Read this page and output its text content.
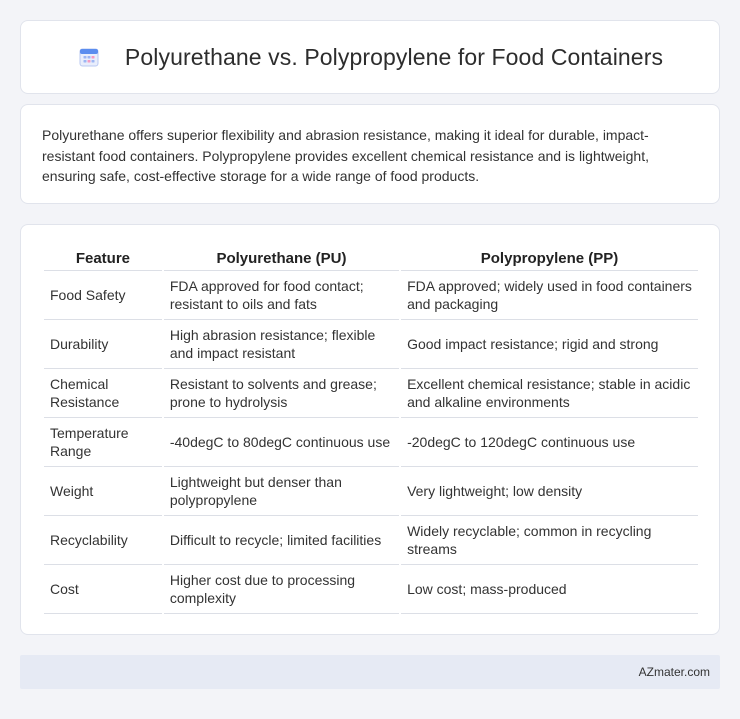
Polyurethane vs. Polypropylene for Food Containers

Polyurethane offers superior flexibility and abrasion resistance, making it ideal for durable, impact-resistant food containers. Polypropylene provides excellent chemical resistance and is lightweight, ensuring safe, cost-effective storage for a wide range of food products.

Feature	Polyurethane (PU)	Polypropylene (PP)
Food Safety	FDA approved for food contact; resistant to oils and fats	FDA approved; widely used in food containers and packaging
Durability	High abrasion resistance; flexible and impact resistant	Good impact resistance; rigid and strong
Chemical Resistance	Resistant to solvents and grease; prone to hydrolysis	Excellent chemical resistance; stable in acidic and alkaline environments
Temperature Range	-40degC to 80degC continuous use	-20degC to 120degC continuous use
Weight	Lightweight but denser than polypropylene	Very lightweight; low density
Recyclability	Difficult to recycle; limited facilities	Widely recyclable; common in recycling streams
Cost	Higher cost due to processing complexity	Low cost; mass-produced
AZmater.com
